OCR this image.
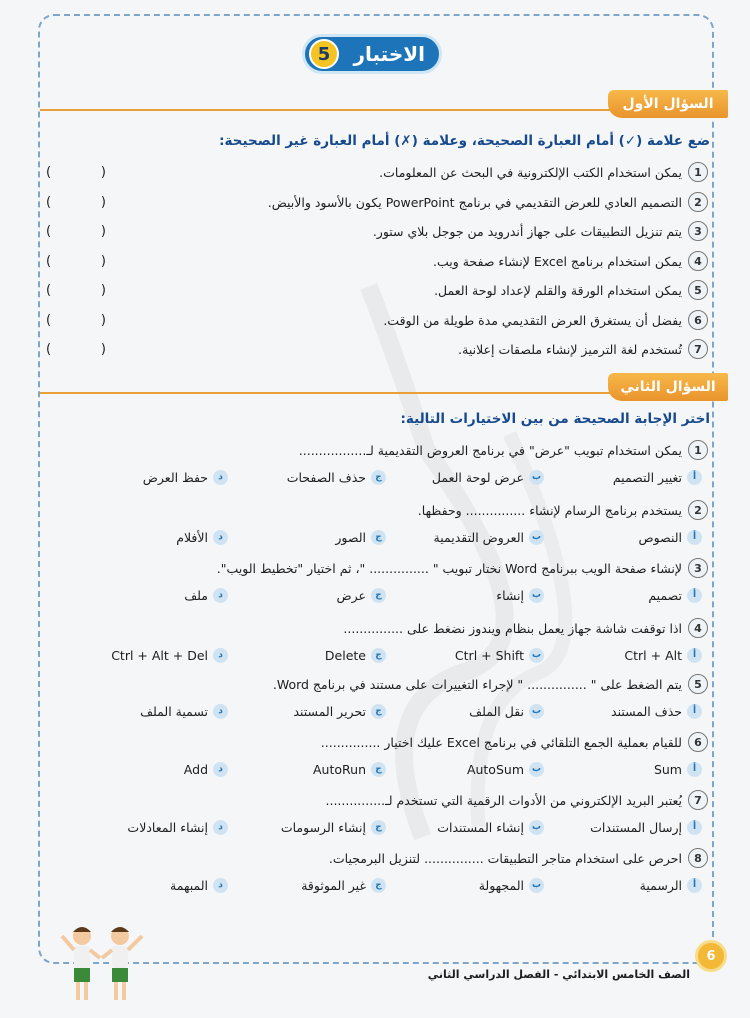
الاختبار
5
السؤال الأول
ضع علامة (✓) أمام العبارة الصحيحة، وعلامة (✗) أمام العبارة غير الصحيحة:
1
يمكن استخدام الكتب الإلكترونية في البحث عن المعلومات.
(	)
2
التصميم العادي للعرض التقديمي في برنامج PowerPoint يكون بالأسود والأبيض.
(	)
3
يتم تنزيل التطبيقات على جهاز أندرويد من جوجل بلاي ستور.
(	)
4
يمكن استخدام برنامج Excel لإنشاء صفحة ويب.
(	)
5
يمكن استخدام الورقة والقلم لإعداد لوحة العمل.
(	)
6
يفضل أن يستغرق العرض التقديمي مدة طويلة من الوقت.
(	)
7
تُستخدم لغة الترميز لإنشاء ملصقات إعلانية.
(	)
السؤال الثاني
اختر الإجابة الصحيحة من بين الاختيارات التالية:
1
يمكن استخدام تبويب "عرض" في برنامج العروض التقديمية لـ.................
أ
تغيير التصميم
ب
عرض لوحة العمل
ج
حذف الصفحات
د
حفظ العرض
2
يستخدم برنامج الرسام لإنشاء ............... وحفظها.
أ
النصوص
ب
العروض التقديمية
ج
الصور
د
الأفلام
3
لإنشاء صفحة الويب ببرنامج Word نختار تبويب " ............... "، ثم اختيار "تخطيط الويب".
أ
تصميم
ب
إنشاء
ج
عرض
د
ملف
4
اذا توقفت شاشة جهاز يعمل بنظام ويندوز نضغط على ...............
أ
Ctrl + Alt
ب
Ctrl + Shift
ج
Delete
د
Ctrl + Alt + Del
5
يتم الضغط على " ............... " لإجراء التغييرات على مستند في برنامج Word.
أ
حذف المستند
ب
نقل الملف
ج
تحرير المستند
د
تسمية الملف
6
للقيام بعملية الجمع التلقائي في برنامج Excel عليك اختيار ...............
أ
Sum
ب
AutoSum
ج
AutoRun
د
Add
7
يُعتبر البريد الإلكتروني من الأدوات الرقمية التي تستخدم لـ...............
أ
إرسال المستندات
ب
إنشاء المستندات
ج
إنشاء الرسومات
د
إنشاء المعادلات
8
احرص على استخدام متاجر التطبيقات ............... لتنزيل البرمجيات.
أ
الرسمية
ب
المجهولة
ج
غير الموثوقة
د
المبهمة
6
الصف الخامس الابتدائي - الفصل الدراسي الثاني
